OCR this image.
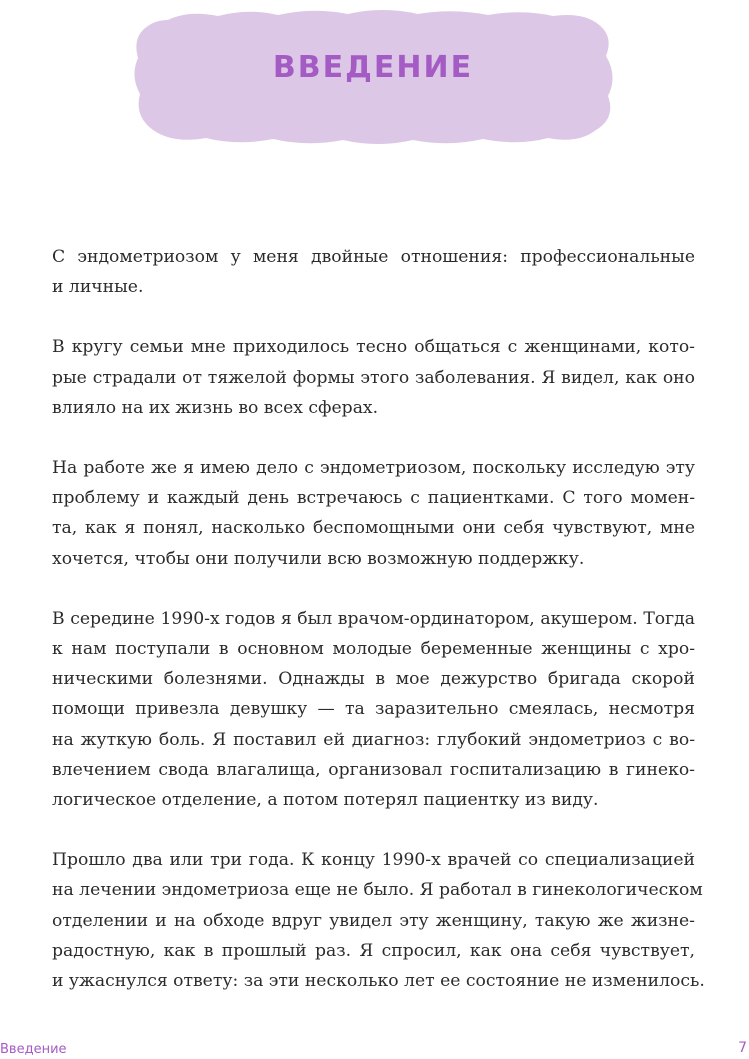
ВВЕДЕНИЕ

С эндометриозом у меня двойные отношения: профессиональные
и личные.

В кругу семьи мне приходилось тесно общаться с женщинами, кото-
рые страдали от тяжелой формы этого заболевания. Я видел, как оно
влияло на их жизнь во всех сферах.

На работе же я имею дело с эндометриозом, поскольку исследую эту
проблему и каждый день встречаюсь с пациентками. С того момен-
та, как я понял, насколько беспомощными они себя чувствуют, мне
хочется, чтобы они получили всю возможную поддержку.

В середине 1990-х годов я был врачом-ординатором, акушером. Тогда
к нам поступали в основном молодые беременные женщины с хро-
ническими болезнями. Однажды в мое дежурство бригада скорой
помощи привезла девушку — та заразительно смеялась, несмотря
на жуткую боль. Я поставил ей диагноз: глубокий эндометриоз с во-
влечением свода влагалища, организовал госпитализацию в гинеко-
логическое отделение, а потом потерял пациентку из виду.

Прошло два или три года. К концу 1990-х врачей со специализацией
на лечении эндометриоза еще не было. Я работал в гинекологическом
отделении и на обходе вдруг увидел эту женщину, такую же жизне-
радостную, как в прошлый раз. Я спросил, как она себя чувствует,
и ужаснулся ответу: за эти несколько лет ее состояние не изменилось.

Введение	7
